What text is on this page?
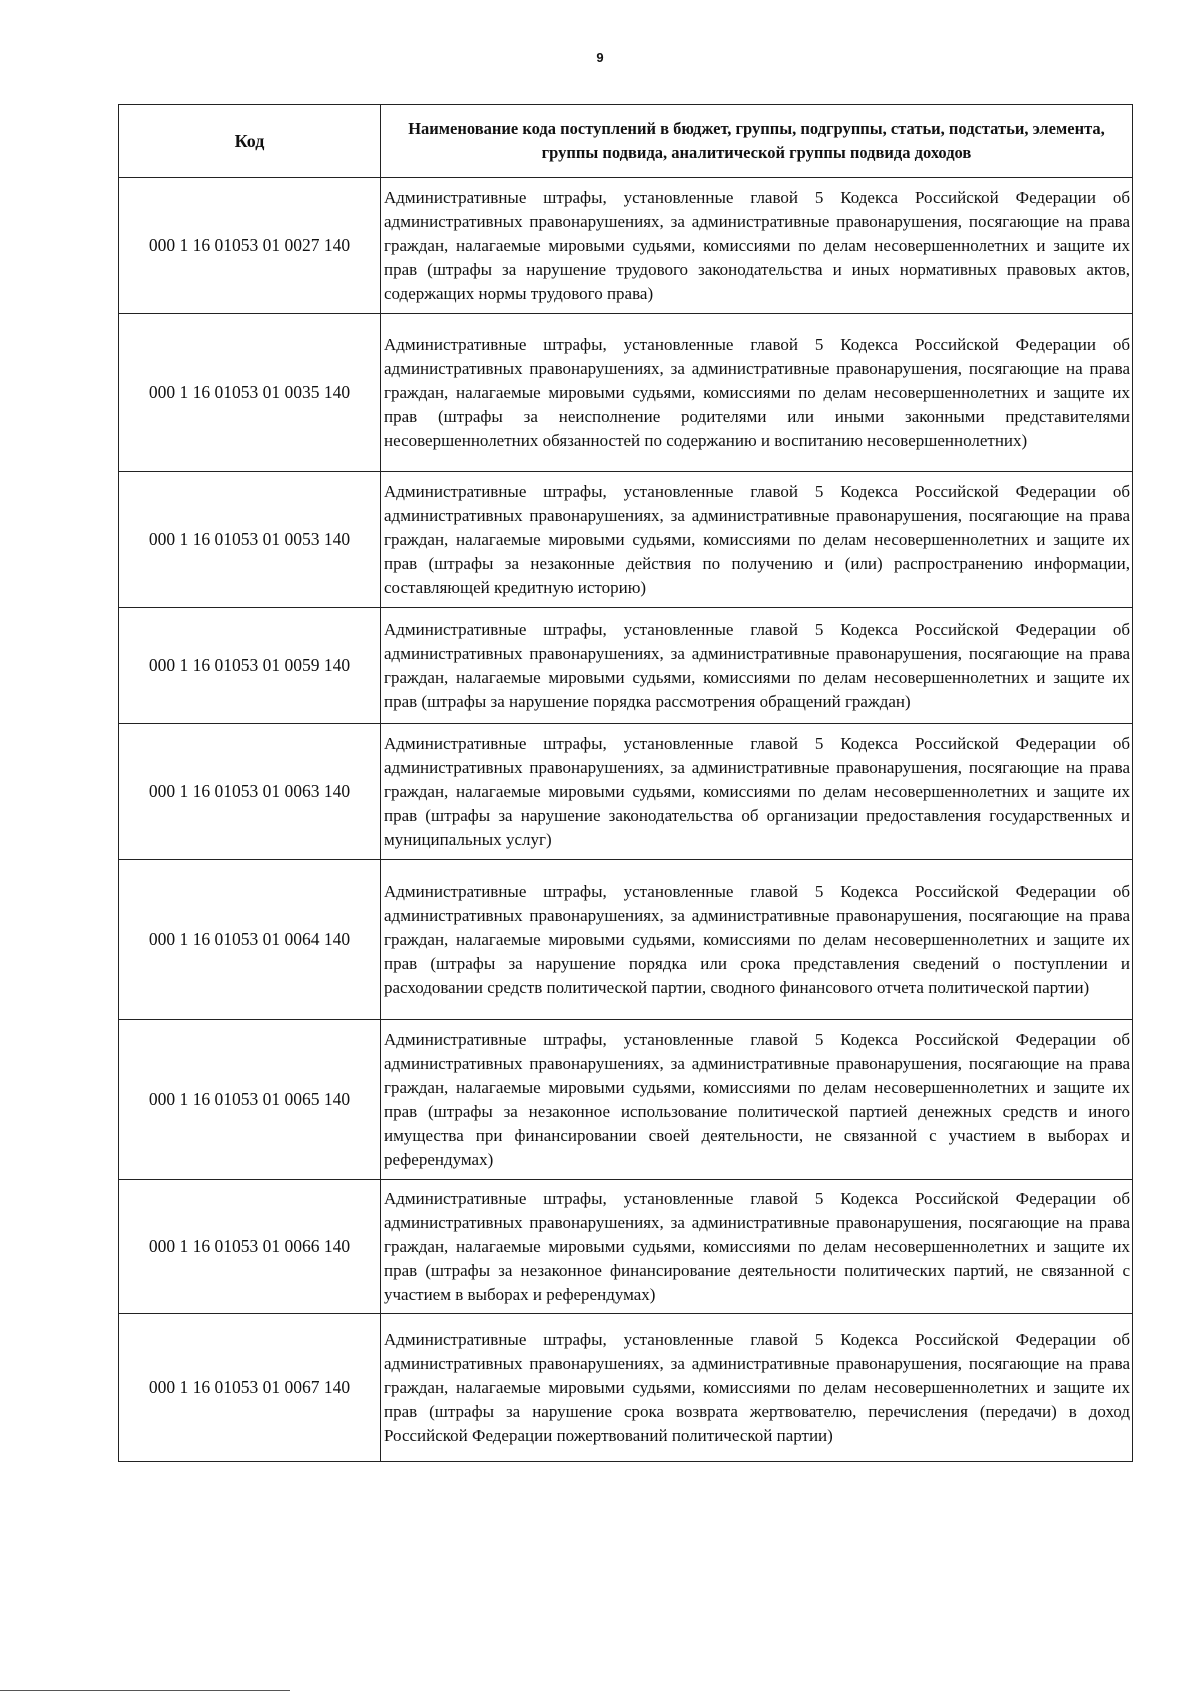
9
Код	Наименование кода поступлений в бюджет, группы, подгруппы, статьи, подстатьи, элемента, группы подвида, аналитической группы подвида доходов
000 1 16 01053 01 0027 140	Административные штрафы, установленные главой 5 Кодекса Российской Федерации об административных правонарушениях, за административные правонарушения, посягающие на права граждан, налагаемые мировыми судьями, комиссиями по делам несовершеннолетних и защите их прав (штрафы за нарушение трудового законодательства и иных нормативных правовых актов, содержащих нормы трудового права)
000 1 16 01053 01 0035 140	Административные штрафы, установленные главой 5 Кодекса Российской Федерации об административных правонарушениях, за административные правонарушения, посягающие на права граждан, налагаемые мировыми судьями, комиссиями по делам несовершеннолетних и защите их прав (штрафы за неисполнение родителями или иными законными представителями несовершеннолетних обязанностей по содержанию и воспитанию несовершеннолетних)
000 1 16 01053 01 0053 140	Административные штрафы, установленные главой 5 Кодекса Российской Федерации об административных правонарушениях, за административные правонарушения, посягающие на права граждан, налагаемые мировыми судьями, комиссиями по делам несовершеннолетних и защите их прав (штрафы за незаконные действия по получению и (или) распространению информации, составляющей кредитную историю)
000 1 16 01053 01 0059 140	Административные штрафы, установленные главой 5 Кодекса Российской Федерации об административных правонарушениях, за административные правонарушения, посягающие на права граждан, налагаемые мировыми судьями, комиссиями по делам несовершеннолетних и защите их прав (штрафы за нарушение порядка рассмотрения обращений граждан)
000 1 16 01053 01 0063 140	Административные штрафы, установленные главой 5 Кодекса Российской Федерации об административных правонарушениях, за административные правонарушения, посягающие на права граждан, налагаемые мировыми судьями, комиссиями по делам несовершеннолетних и защите их прав (штрафы за нарушение законодательства об организации предоставления государственных и муниципальных услуг)
000 1 16 01053 01 0064 140	Административные штрафы, установленные главой 5 Кодекса Российской Федерации об административных правонарушениях, за административные правонарушения, посягающие на права граждан, налагаемые мировыми судьями, комиссиями по делам несовершеннолетних и защите их прав (штрафы за нарушение порядка или срока представления сведений о поступлении и расходовании средств политической партии, сводного финансового отчета политической партии)
000 1 16 01053 01 0065 140	Административные штрафы, установленные главой 5 Кодекса Российской Федерации об административных правонарушениях, за административные правонарушения, посягающие на права граждан, налагаемые мировыми судьями, комиссиями по делам несовершеннолетних и защите их прав (штрафы за незаконное использование политической партией денежных средств и иного имущества при финансировании своей деятельности, не связанной с участием в выборах и референдумах)
000 1 16 01053 01 0066 140	Административные штрафы, установленные главой 5 Кодекса Российской Федерации об административных правонарушениях, за административные правонарушения, посягающие на права граждан, налагаемые мировыми судьями, комиссиями по делам несовершеннолетних и защите их прав (штрафы за незаконное финансирование деятельности политических партий, не связанной с участием в выборах и референдумах)
000 1 16 01053 01 0067 140	Административные штрафы, установленные главой 5 Кодекса Российской Федерации об административных правонарушениях, за административные правонарушения, посягающие на права граждан, налагаемые мировыми судьями, комиссиями по делам несовершеннолетних и защите их прав (штрафы за нарушение срока возврата жертвователю, перечисления (передачи) в доход Российской Федерации пожертвований политической партии)
